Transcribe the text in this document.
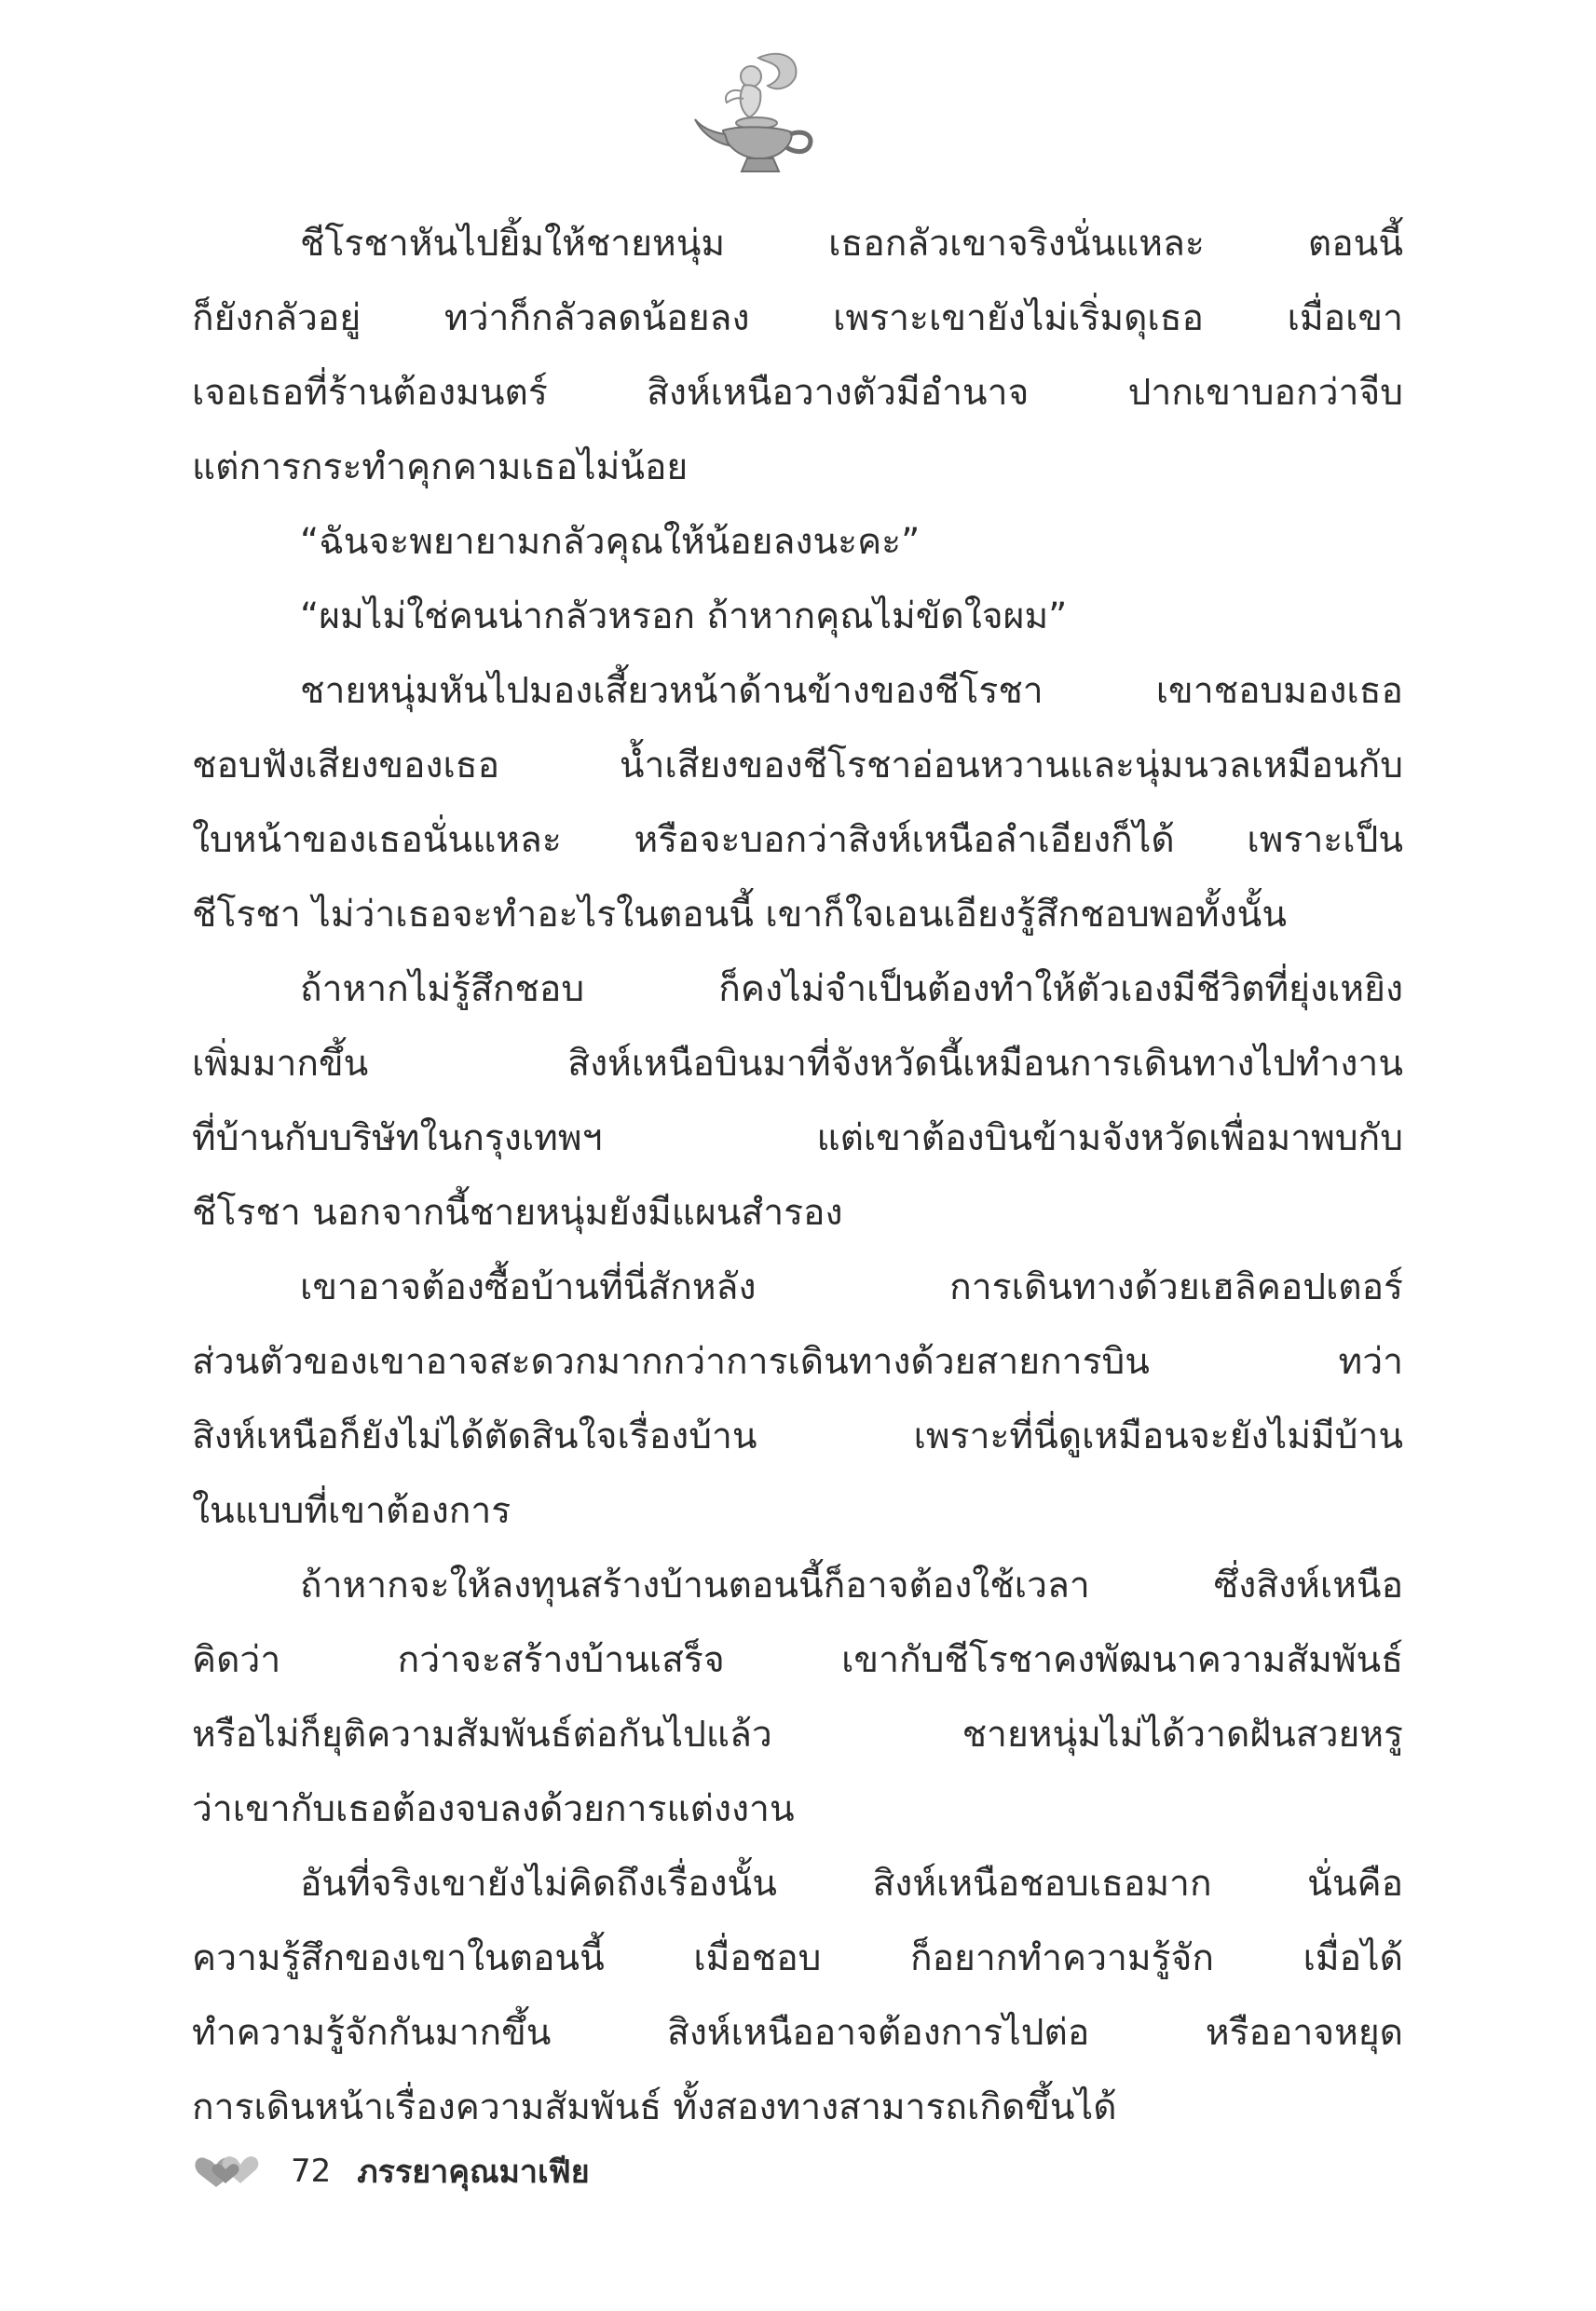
ชีโรชาหันไปยิ้มให้ชายหนุ่ม เธอกลัวเขาจริงนั่นแหละ ตอนนี้
ก็ยังกลัวอยู่ ทว่าก็กลัวลดน้อยลง เพราะเขายังไม่เริ่มดุเธอ เมื่อเขา
เจอเธอที่ร้านต้องมนตร์ สิงห์เหนือวางตัวมีอำนาจ ปากเขาบอกว่าจีบ
แต่การกระทำคุกคามเธอไม่น้อย
“ฉันจะพยายามกลัวคุณให้น้อยลงนะคะ”
“ผมไม่ใช่คนน่ากลัวหรอก ถ้าหากคุณไม่ขัดใจผม”
ชายหนุ่มหันไปมองเสี้ยวหน้าด้านข้างของชีโรชา เขาชอบมองเธอ
ชอบฟังเสียงของเธอ น้ำเสียงของชีโรชาอ่อนหวานและนุ่มนวลเหมือนกับ
ใบหน้าของเธอนั่นแหละ หรือจะบอกว่าสิงห์เหนือลำเอียงก็ได้ เพราะเป็น
ชีโรชา ไม่ว่าเธอจะทำอะไรในตอนนี้ เขาก็ใจเอนเอียงรู้สึกชอบพอทั้งนั้น
ถ้าหากไม่รู้สึกชอบ ก็คงไม่จำเป็นต้องทำให้ตัวเองมีชีวิตที่ยุ่งเหยิง
เพิ่มมากขึ้น สิงห์เหนือบินมาที่จังหวัดนี้เหมือนการเดินทางไปทำงาน
ที่บ้านกับบริษัทในกรุงเทพฯ แต่เขาต้องบินข้ามจังหวัดเพื่อมาพบกับ
ชีโรชา นอกจากนี้ชายหนุ่มยังมีแผนสำรอง
เขาอาจต้องซื้อบ้านที่นี่สักหลัง การเดินทางด้วยเฮลิคอปเตอร์
ส่วนตัวของเขาอาจสะดวกมากกว่าการเดินทางด้วยสายการบิน ทว่า
สิงห์เหนือก็ยังไม่ได้ตัดสินใจเรื่องบ้าน เพราะที่นี่ดูเหมือนจะยังไม่มีบ้าน
ในแบบที่เขาต้องการ
ถ้าหากจะให้ลงทุนสร้างบ้านตอนนี้ก็อาจต้องใช้เวลา ซึ่งสิงห์เหนือ
คิดว่า กว่าจะสร้างบ้านเสร็จ เขากับชีโรชาคงพัฒนาความสัมพันธ์
หรือไม่ก็ยุติความสัมพันธ์ต่อกันไปแล้ว ชายหนุ่มไม่ได้วาดฝันสวยหรู
ว่าเขากับเธอต้องจบลงด้วยการแต่งงาน
อันที่จริงเขายังไม่คิดถึงเรื่องนั้น สิงห์เหนือชอบเธอมาก นั่นคือ
ความรู้สึกของเขาในตอนนี้ เมื่อชอบ ก็อยากทำความรู้จัก เมื่อได้
ทำความรู้จักกันมากขึ้น สิงห์เหนืออาจต้องการไปต่อ หรืออาจหยุด
การเดินหน้าเรื่องความสัมพันธ์ ทั้งสองทางสามารถเกิดขึ้นได้
72 ภรรยาคุณมาเฟีย
